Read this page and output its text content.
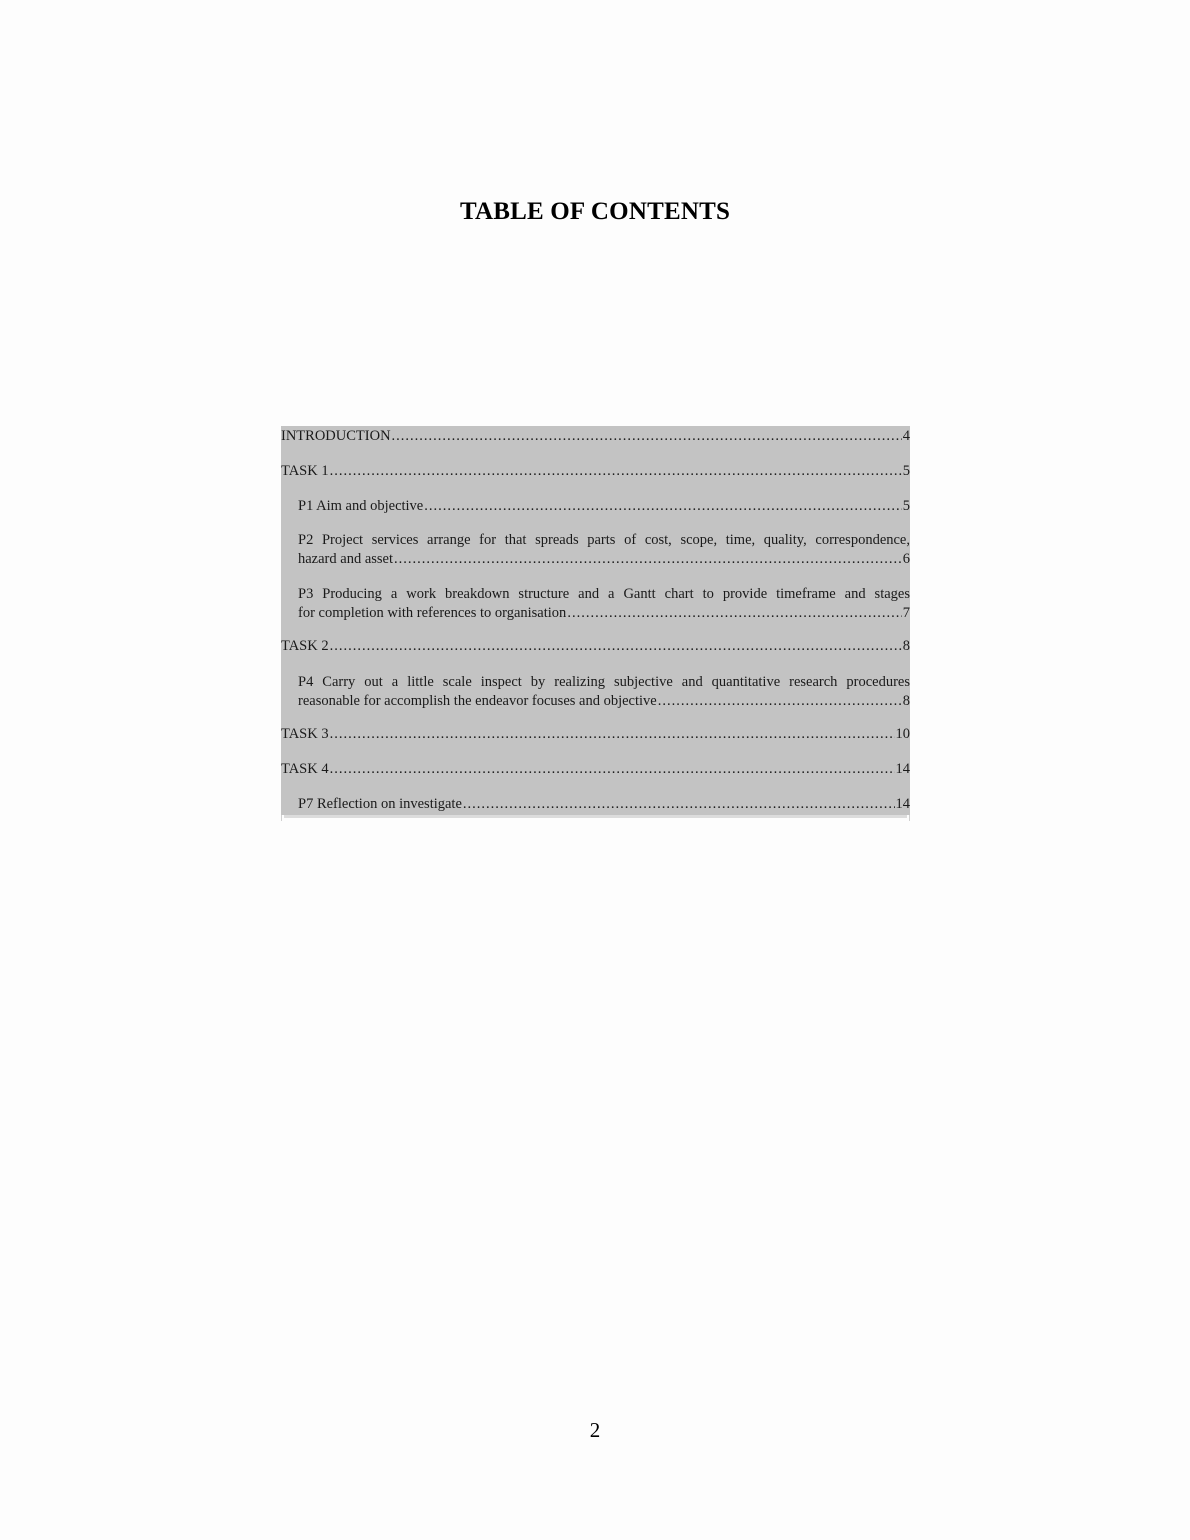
TABLE OF CONTENTS
INTRODUCTION .....	4
TASK 1 .....	5
P1 Aim and objective .....	5
P2 Project services arrange for that spreads parts of cost, scope, time, quality, correspondence,
hazard and asset .....	6
P3 Producing a work breakdown structure and a Gantt chart to provide timeframe and stages
for completion with references to organisation .....	7
TASK 2 .....	8
P4 Carry out a little scale inspect by realizing subjective and quantitative research procedures
reasonable for accomplish the endeavor focuses and objective .....	8
TASK 3 .....	10
TASK 4 .....	14
P7 Reflection on investigate .....	14
2
